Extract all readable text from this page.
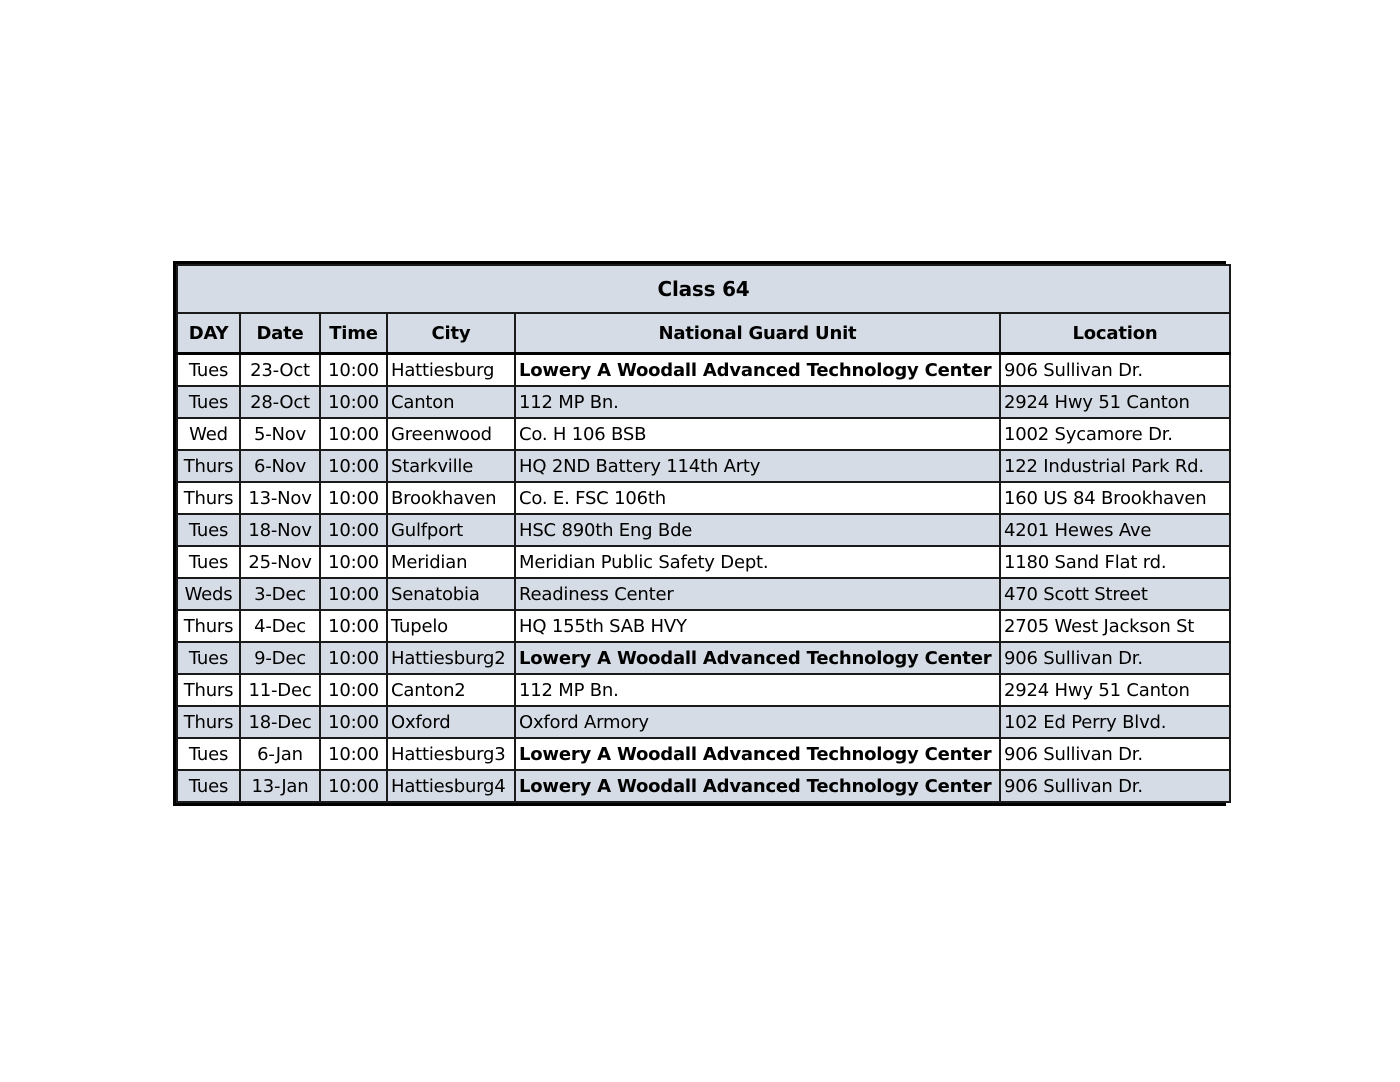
Class 64					
DAY	Date	Time	City	National Guard Unit	Location
Tues	23-Oct	10:00	Hattiesburg	Lowery A Woodall Advanced Technology Center	906 Sullivan Dr.
Tues	28-Oct	10:00	Canton	112 MP Bn.	2924 Hwy 51 Canton
Wed	5-Nov	10:00	Greenwood	Co. H 106 BSB	1002 Sycamore Dr.
Thurs	6-Nov	10:00	Starkville	HQ 2ND Battery 114th Arty	122 Industrial Park Rd.
Thurs	13-Nov	10:00	Brookhaven	Co. E. FSC 106th	160 US 84 Brookhaven
Tues	18-Nov	10:00	Gulfport	HSC 890th Eng Bde	4201 Hewes Ave
Tues	25-Nov	10:00	Meridian	Meridian Public Safety Dept.	1180 Sand Flat rd.
Weds	3-Dec	10:00	Senatobia	Readiness Center	470 Scott Street
Thurs	4-Dec	10:00	Tupelo	HQ 155th SAB HVY	2705 West Jackson St
Tues	9-Dec	10:00	Hattiesburg2	Lowery A Woodall Advanced Technology Center	906 Sullivan Dr.
Thurs	11-Dec	10:00	Canton2	112 MP Bn.	2924 Hwy 51 Canton
Thurs	18-Dec	10:00	Oxford	Oxford Armory	102 Ed Perry Blvd.
Tues	6-Jan	10:00	Hattiesburg3	Lowery A Woodall Advanced Technology Center	906 Sullivan Dr.
Tues	13-Jan	10:00	Hattiesburg4	Lowery A Woodall Advanced Technology Center	906 Sullivan Dr.
